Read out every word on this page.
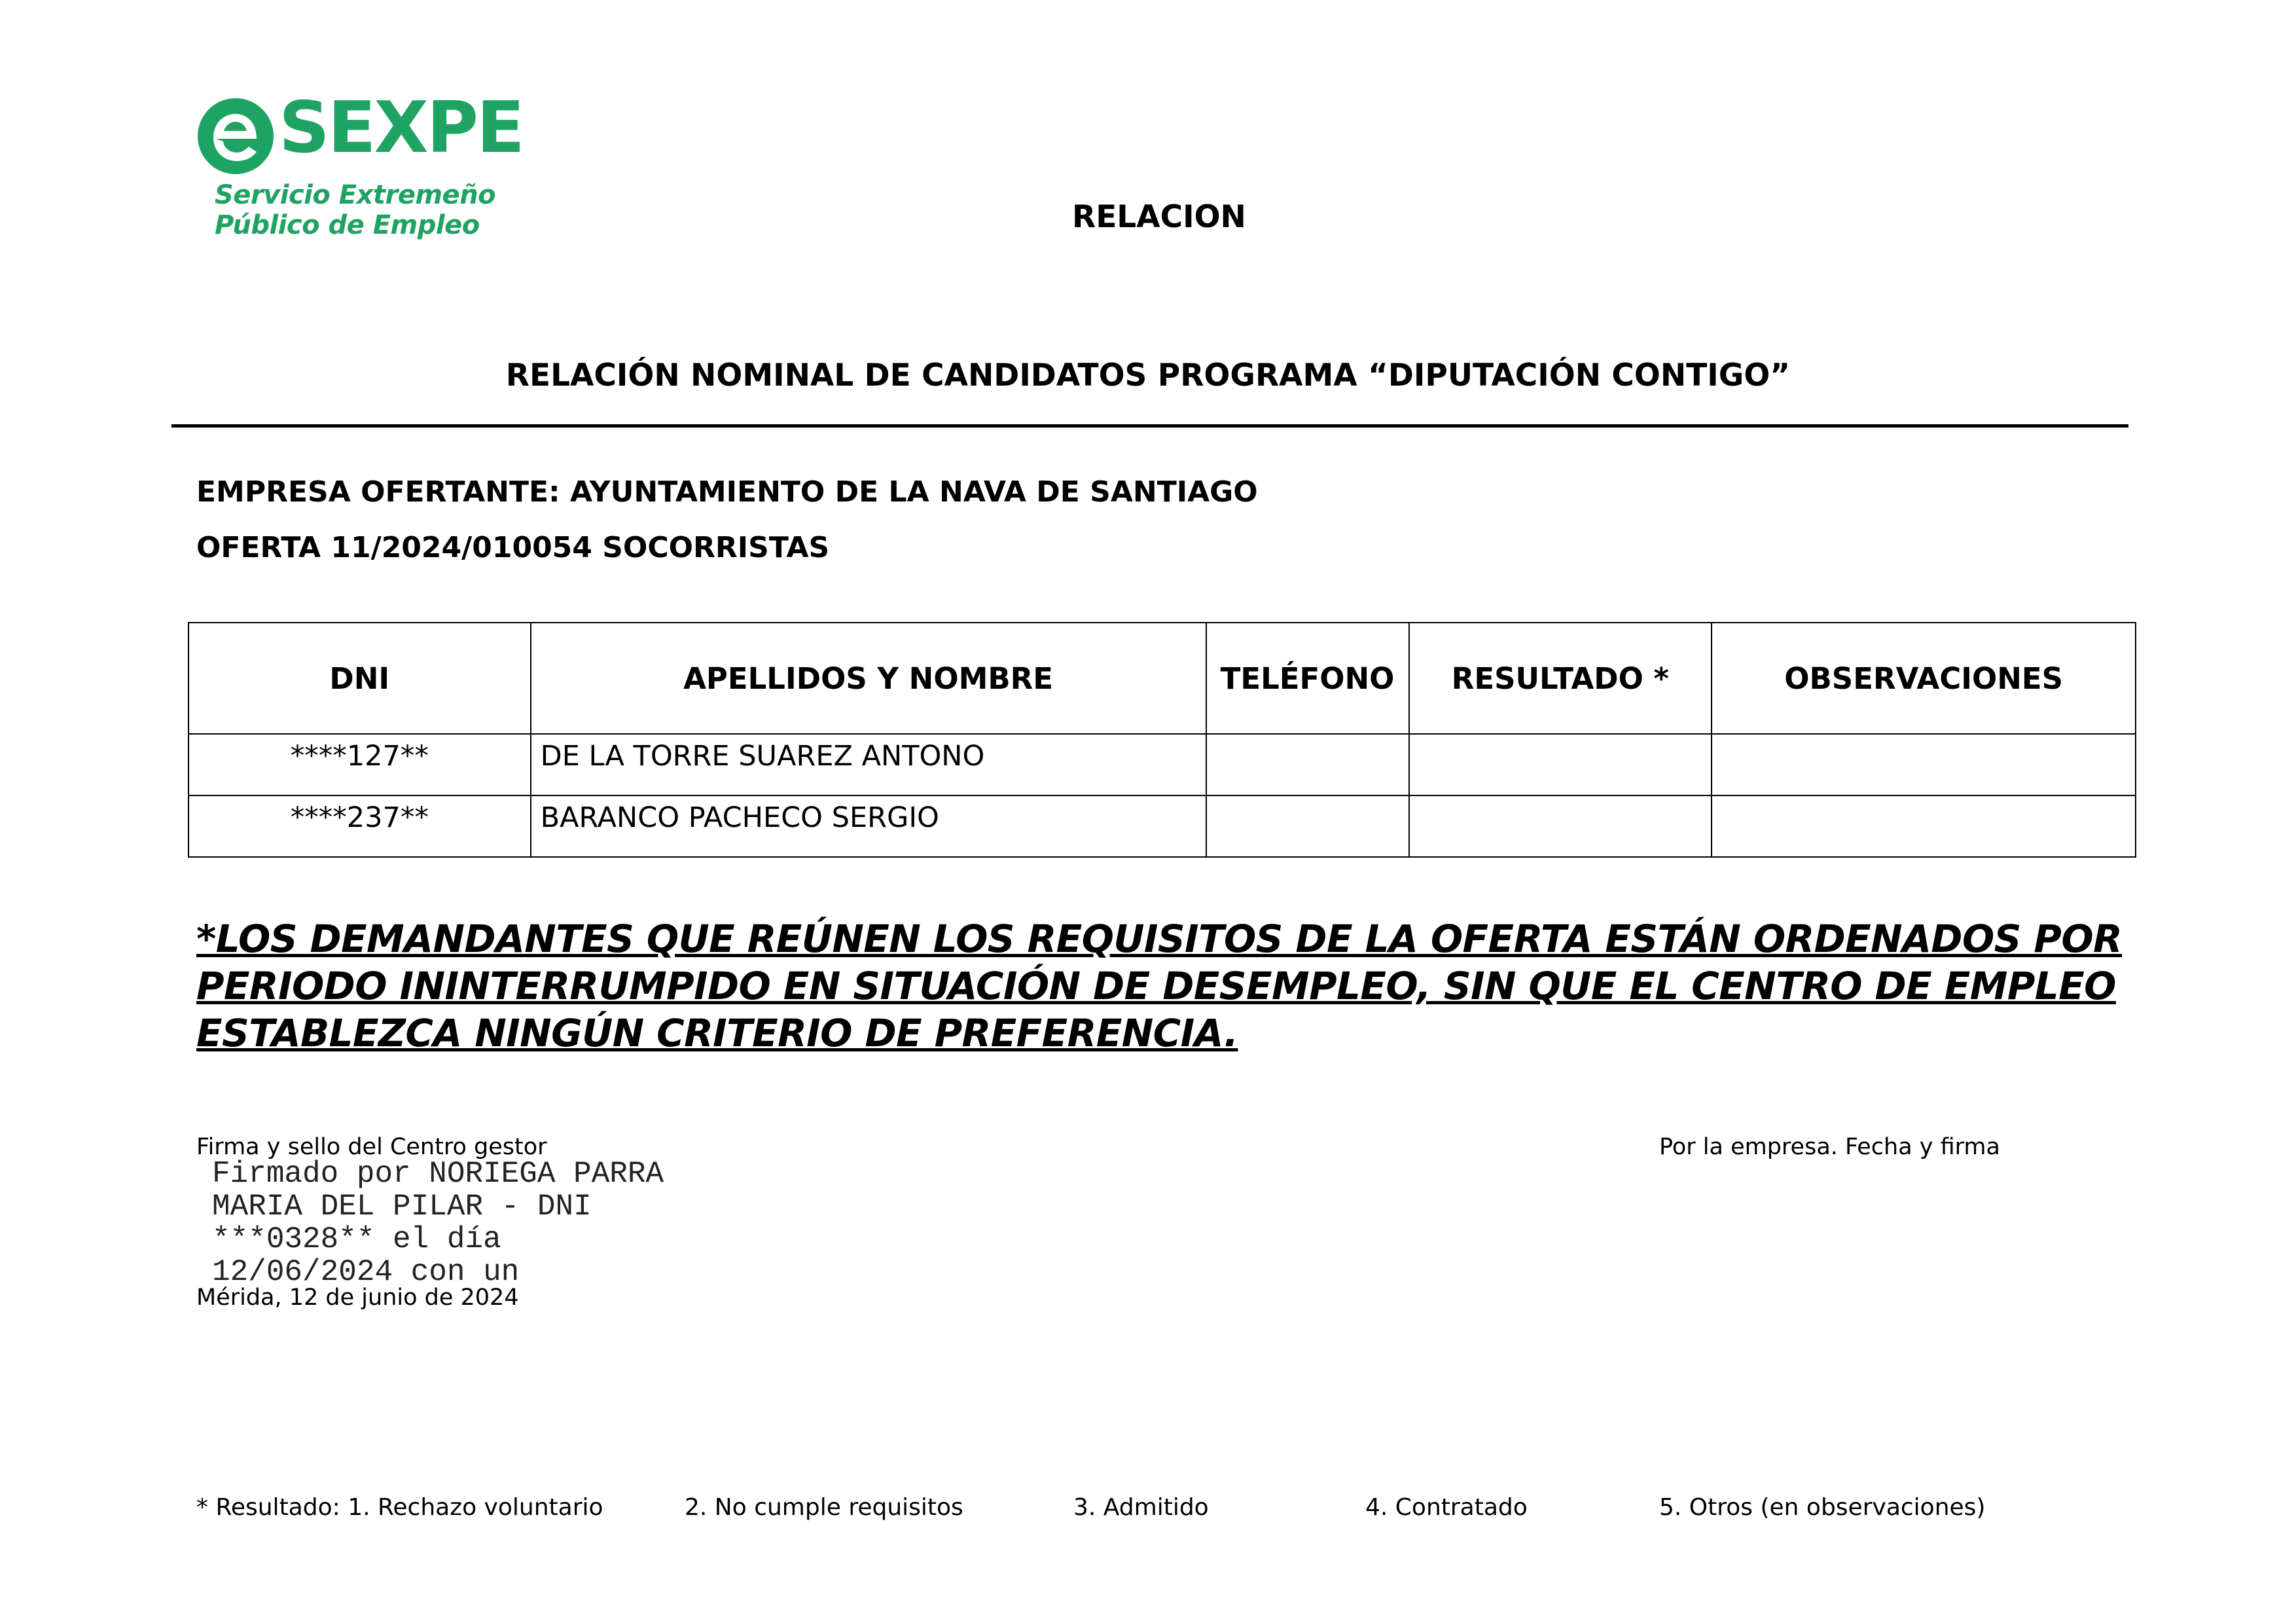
SEXPE
Servicio Extremeño
Público de Empleo	RELACION
RELACIÓN NOMINAL DE CANDIDATOS PROGRAMA “DIPUTACIÓN CONTIGO”
EMPRESA OFERTANTE: AYUNTAMIENTO DE LA NAVA DE SANTIAGO
OFERTA 11/2024/010054 SOCORRISTAS
DNI	APELLIDOS Y NOMBRE	TELÉFONO	RESULTADO *	OBSERVACIONES
****127**	DE LA TORRE SUAREZ ANTONO			
****237**	BARANCO PACHECO SERGIO			
*LOS DEMANDANTES QUE REÚNEN LOS REQUISITOS DE LA OFERTA ESTÁN ORDENADOS POR PERIODO ININTERRUMPIDO EN SITUACIÓN DE DESEMPLEO, SIN QUE EL CENTRO DE EMPLEO ESTABLEZCA NINGÚN CRITERIO DE PREFERENCIA.
Firma y sello del Centro gestor	Por la empresa. Fecha y firma
Firmado por NORIEGA PARRA
MARIA DEL PILAR - DNI
***0328** el día
12/06/2024 con un
Mérida, 12 de junio de 2024
* Resultado: 1. Rechazo voluntario	2. No cumple requisitos	3. Admitido	4. Contratado	5. Otros (en observaciones)
